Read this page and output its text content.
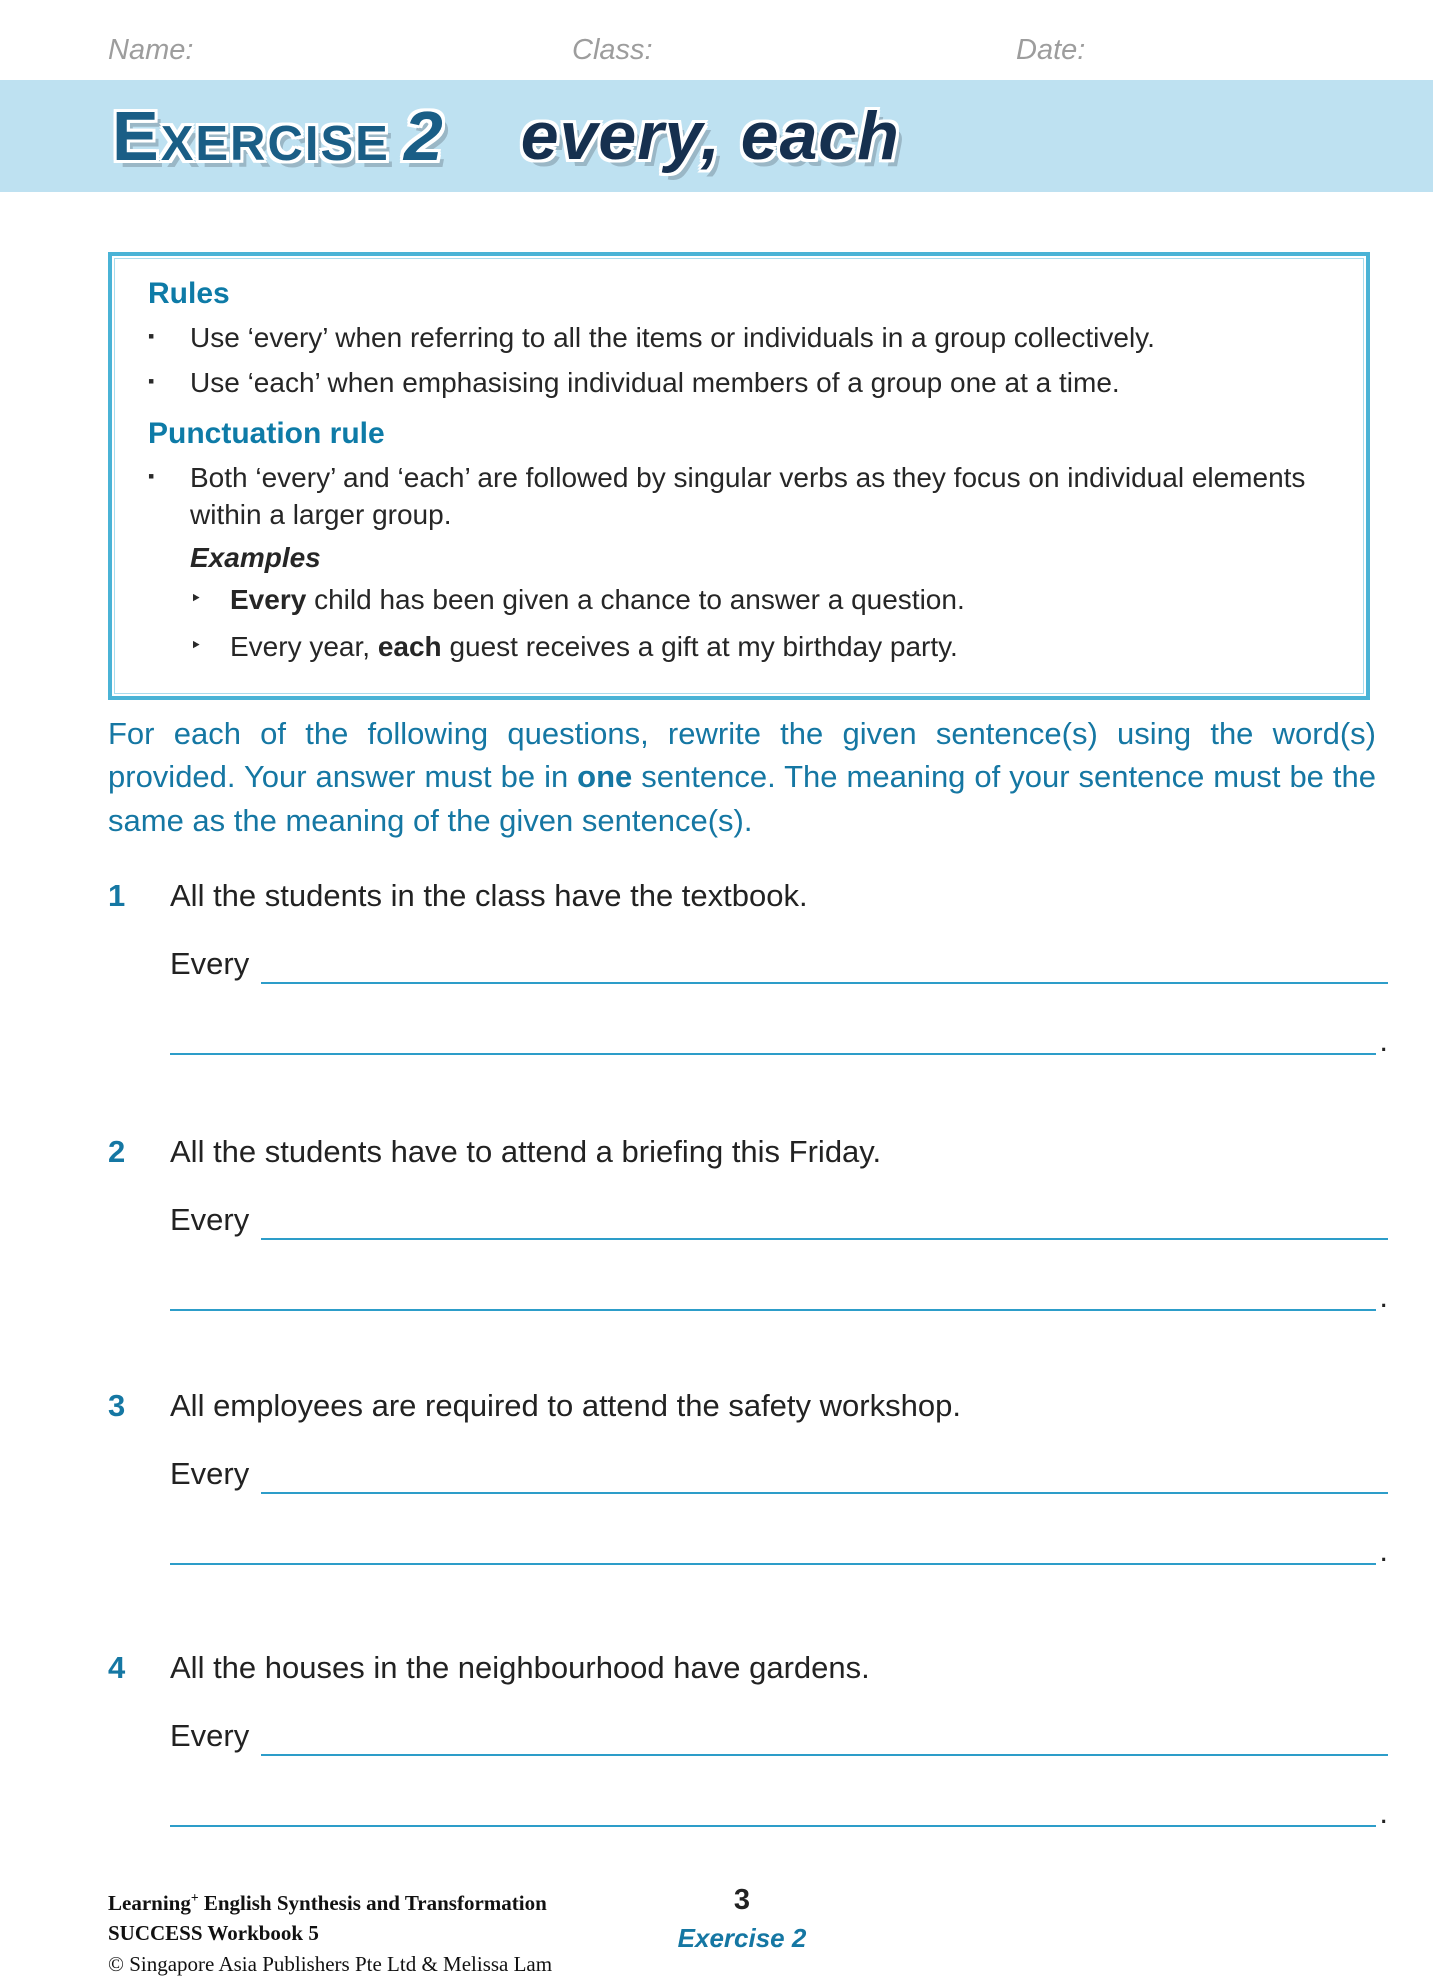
Name:	Class:	Date:
Exercise 2 every, each
Rules
▪	Use ‘every’ when referring to all the items or individuals in a group collectively.
▪	Use ‘each’ when emphasising individual members of a group one at a time.
Punctuation rule
▪	Both ‘every’ and ‘each’ are followed by singular verbs as they focus on individual elements within a larger group.
Examples
‣	Every child has been given a chance to answer a question.
‣	Every year, each guest receives a gift at my birthday party.

For each of the following questions, rewrite the given sentence(s) using the word(s) provided. Your answer must be in one sentence. The meaning of your sentence must be the same as the meaning of the given sentence(s).

1	All the students in the class have the textbook.
Every
.
2	All the students have to attend a briefing this Friday.
Every
.
3	All employees are required to attend the safety workshop.
Every
.
4	All the houses in the neighbourhood have gardens.
Every
.
Learning+ English Synthesis and Transformation
SUCCESS Workbook 5
© Singapore Asia Publishers Pte Ltd & Melissa Lam
3
Exercise 2
